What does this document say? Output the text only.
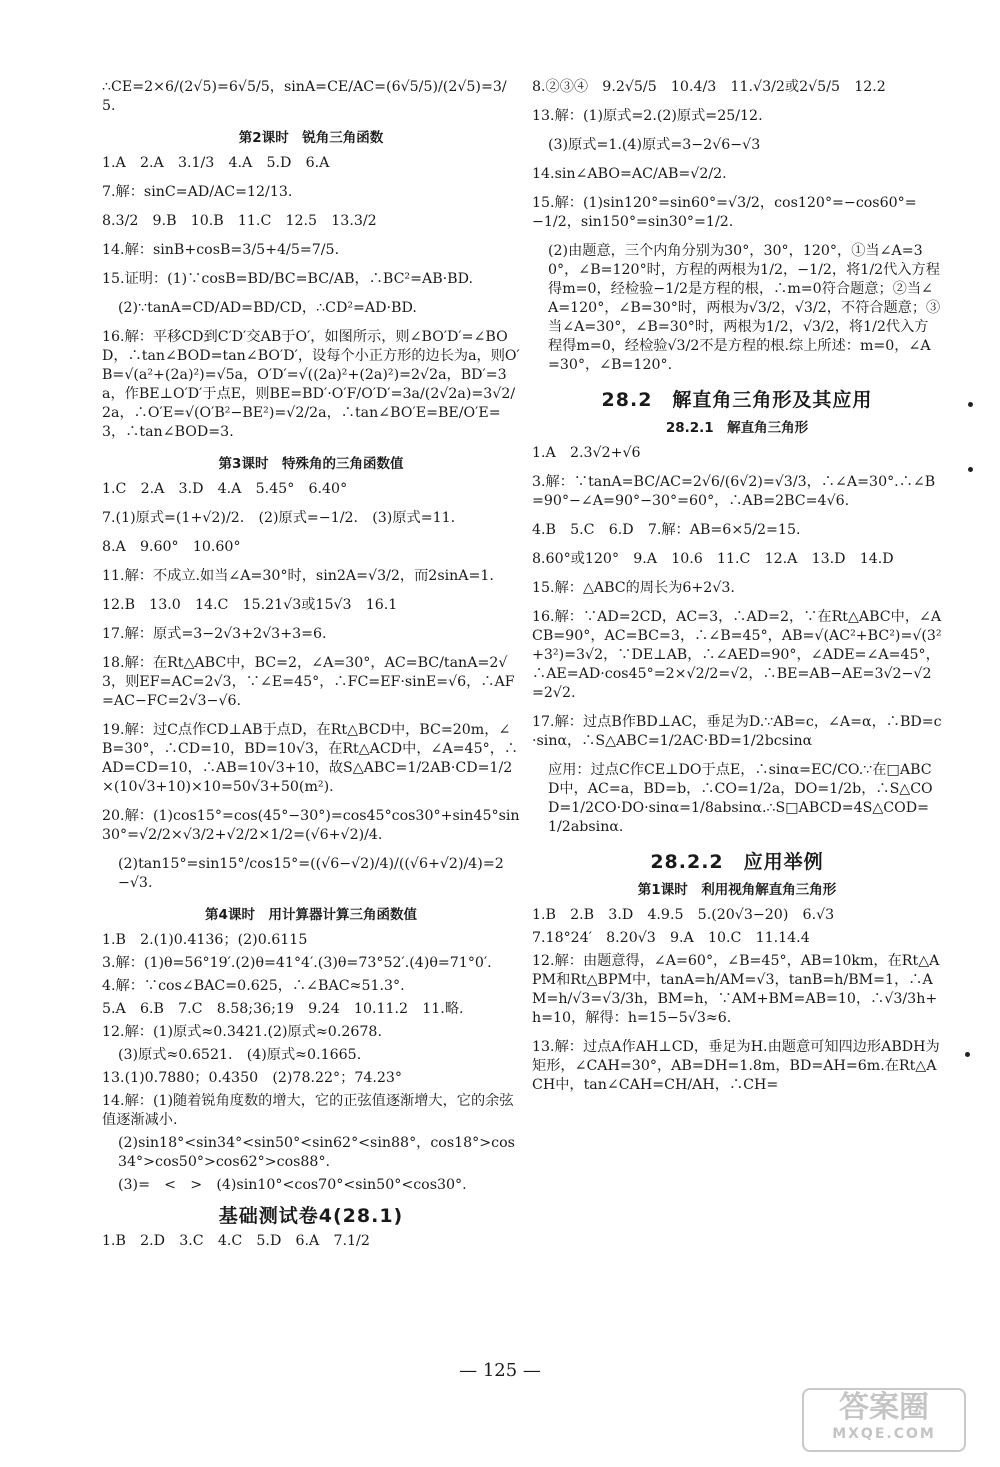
∴CE=2×6/(2√5)=6√5/5，sinA=CE/AC=(6√5/5)/(2√5)=3/5.
第2课时　锐角三角函数
1.A　2.A　3.1/3　4.A　5.D　6.A
7.解：sinC=AD/AC=12/13.
8.3/2　9.B　10.B　11.C　12.5　13.3/2
14.解：sinB+cosB=3/5+4/5=7/5.
15.证明：(1)∵cosB=BD/BC=BC/AB，∴BC²=AB·BD.
(2)∵tanA=CD/AD=BD/CD，∴CD²=AD·BD.
16.解：平移CD到C′D′交AB于O′，如图所示，则∠BO′D′=∠BOD，∴tan∠BOD=tan∠BO′D′，设每个小正方形的边长为a，则O′B=√(a²+(2a)²)=√5a，O′D′=√((2a)²+(2a)²)=2√2a，BD′=3a，作BE⊥O′D′于点E，则BE=BD′·O′F/O′D′=3a/(2√2a)=3√2/2a，∴O′E=√(O′B²−BE²)=√2/2a，∴tan∠BO′E=BE/O′E=3，∴tan∠BOD=3.
第3课时　特殊角的三角函数值
1.C　2.A　3.D　4.A　5.45°　6.40°
7.(1)原式=(1+√2)/2.　(2)原式=−1/2.　(3)原式=11.
8.A　9.60°　10.60°
11.解：不成立.如当∠A=30°时，sin2A=√3/2，而2sinA=1.
12.B　13.0　14.C　15.21√3或15√3　16.1
17.解：原式=3−2√3+2√3+3=6.
18.解：在Rt△ABC中，BC=2，∠A=30°，AC=BC/tanA=2√3，则EF=AC=2√3，∵∠E=45°，∴FC=EF·sinE=√6，∴AF=AC−FC=2√3−√6.
19.解：过C点作CD⊥AB于点D，在Rt△BCD中，BC=20m，∠B=30°，∴CD=10，BD=10√3，在Rt△ACD中，∠A=45°，∴AD=CD=10，∴AB=10√3+10，故S△ABC=1/2AB·CD=1/2×(10√3+10)×10=50√3+50(m²).
20.解：(1)cos15°=cos(45°−30°)=cos45°cos30°+sin45°sin30°=√2/2×√3/2+√2/2×1/2=(√6+√2)/4.
(2)tan15°=sin15°/cos15°=((√6−√2)/4)/((√6+√2)/4)=2−√3.
第4课时　用计算器计算三角函数值
1.B　2.(1)0.4136；(2)0.6115
3.解：(1)θ=56°19′.(2)θ=41°4′.(3)θ=73°52′.(4)θ=71°0′.
4.解：∵cos∠BAC=0.625，∴∠BAC≈51.3°.
5.A　6.B　7.C　8.58;36;19　9.24　10.11.2　11.略.
12.解：(1)原式≈0.3421.(2)原式≈0.2678.
(3)原式≈0.6521.　(4)原式≈0.1665.
13.(1)0.7880；0.4350　(2)78.22°；74.23°
14.解：(1)随着锐角度数的增大，它的正弦值逐渐增大，它的余弦值逐渐减小.
(2)sin18°<sin34°<sin50°<sin62°<sin88°，cos18°>cos34°>cos50°>cos62°>cos88°.
(3)=　<　>　(4)sin10°<cos70°<sin50°<cos30°.
基础测试卷4(28.1)
1.B　2.D　3.C　4.C　5.D　6.A　7.1/2
8.②③④　9.2√5/5　10.4/3　11.√3/2或2√5/5　12.2
13.解：(1)原式=2.(2)原式=25/12.
(3)原式=1.(4)原式=3−2√6−√3
14.sin∠ABO=AC/AB=√2/2.
15.解：(1)sin120°=sin60°=√3/2，cos120°=−cos60°=−1/2，sin150°=sin30°=1/2.
(2)由题意，三个内角分别为30°，30°，120°，①当∠A=30°，∠B=120°时，方程的两根为1/2，−1/2，将1/2代入方程得m=0，经检验−1/2是方程的根，∴m=0符合题意；②当∠A=120°，∠B=30°时，两根为√3/2，√3/2，不符合题意；③当∠A=30°，∠B=30°时，两根为1/2，√3/2，将1/2代入方程得m=0，经检验√3/2不是方程的根.综上所述：m=0，∠A=30°，∠B=120°.
28.2　解直角三角形及其应用
28.2.1　解直角三角形
1.A　2.3√2+√6
3.解：∵tanA=BC/AC=2√6/(6√2)=√3/3，∴∠A=30°.∴∠B=90°−∠A=90°−30°=60°，∴AB=2BC=4√6.
4.B　5.C　6.D　7.解：AB=6×5/2=15.
8.60°或120°　9.A　10.6　11.C　12.A　13.D　14.D
15.解：△ABC的周长为6+2√3.
16.解：∵AD=2CD，AC=3，∴AD=2，∵在Rt△ABC中，∠ACB=90°，AC=BC=3，∴∠B=45°，AB=√(AC²+BC²)=√(3²+3²)=3√2，∵DE⊥AB，∴∠AED=90°，∠ADE=∠A=45°，∴AE=AD·cos45°=2×√2/2=√2，∴BE=AB−AE=3√2−√2=2√2.
17.解：过点B作BD⊥AC，垂足为D.∵AB=c，∠A=α，∴BD=c·sinα，∴S△ABC=1/2AC·BD=1/2bcsinα
应用：过点C作CE⊥DO于点E，∴sinα=EC/CO.∵在□ABCD中，AC=a，BD=b，∴CO=1/2a，DO=1/2b，∴S△COD=1/2CO·DO·sinα=1/8absinα.∴S□ABCD=4S△COD=1/2absinα.
28.2.2　应用举例
第1课时　利用视角解直角三角形
1.B　2.B　3.D　4.9.5　5.(20√3−20)　6.√3
7.18°24′　8.20√3　9.A　10.C　11.14.4
12.解：由题意得，∠A=60°，∠B=45°，AB=10km，在Rt△APM和Rt△BPM中，tanA=h/AM=√3，tanB=h/BM=1，∴AM=h/√3=√3/3h，BM=h，∵AM+BM=AB=10，∴√3/3h+h=10，解得：h=15−5√3≈6.
13.解：过点A作AH⊥CD，垂足为H.由题意可知四边形ABDH为矩形，∠CAH=30°，AB=DH=1.8m，BD=AH=6m.在Rt△ACH中，tan∠CAH=CH/AH，∴CH=
— 125 —
答案圈
MXQE.COM
